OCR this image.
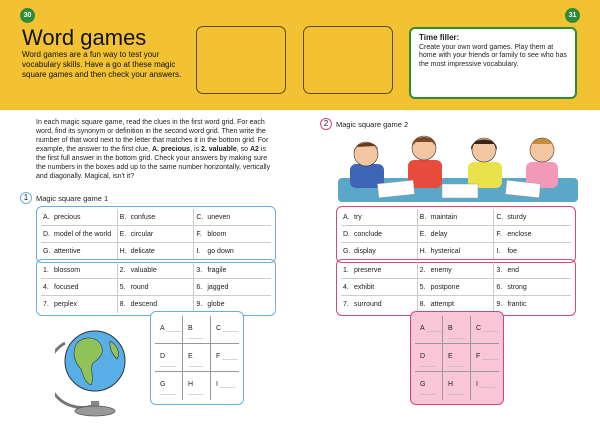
30	31
Word games

Word games are a fun way to test your vocabulary skills. Have a go at these magic square games and then check your answers.

Time filler:
Create your own word games. Play them at home with your friends or family to see who has the most impressive vocabulary.

In each magic square game, read the clues in the first word grid. For each word, find its synonym or definition in the second word grid. Then write the number of that word next to the letter that matches it in the bottom grid. For example, the answer to the first clue, A. precious, is 2. valuable, so A2 is the first full answer in the bottom grid. Check your answers by making sure the numbers in the boxes add up to the same number horizontally, vertically and diagonally. Magical, isn't it?

1	Magic square game 1
A. precious	B. confuse	C. uneven
D. model of the world	E. circular	F. bloom
G. attentive	H. delicate	I. go down
1. blossom	2. valuable	3. fragile
4. focused	5. round	6. jagged
7. perplex	8. descend	9. globe
A ____	B ____	C ____
D ____	E ____	F ____
G ____	H ____	I ____
2	Magic square game 2
A. try	B. maintain	C. sturdy
D. conclude	E. delay	F. enclose
G. display	H. hysterical	I. foe
1. preserve	2. enemy	3. end
4. exhibit	5. postpone	6. strong
7. surround	8. attempt	9. frantic
A ____	B ____	C ____
D ____	E ____	F ____
G ____	H ____	I ____
